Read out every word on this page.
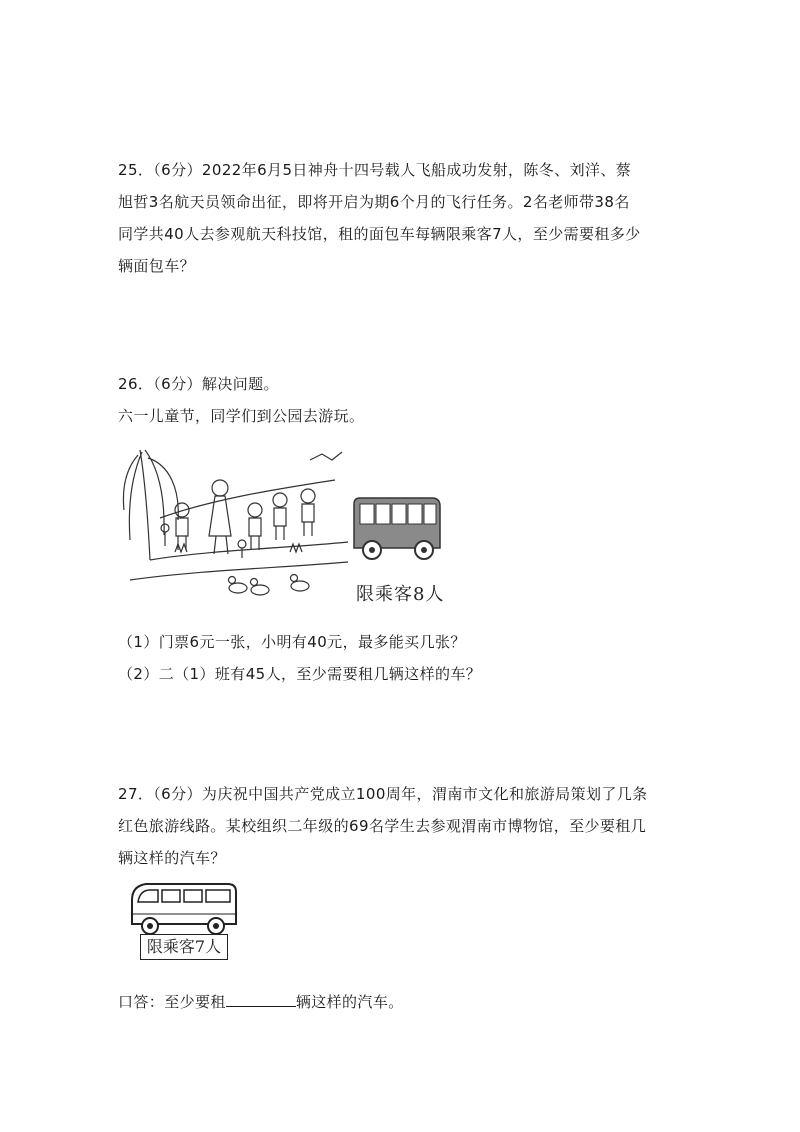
25．（6分）2022年6月5日神舟十四号载人飞船成功发射，陈冬、刘洋、蔡
旭哲3名航天员领命出征，即将开启为期6个月的飞行任务。2名老师带38名
同学共40人去参观航天科技馆，租的面包车每辆限乘客7人，至少需要租多少
辆面包车？
26．（6分）解决问题。
六一儿童节，同学们到公园去游玩。
限乘客8人
（1）门票6元一张，小明有40元，最多能买几张？
（2）二（1）班有45人，至少需要租几辆这样的车？
27．（6分）为庆祝中国共产党成立100周年，渭南市文化和旅游局策划了几条
红色旅游线路。某校组织二年级的69名学生去参观渭南市博物馆，至少要租几
辆这样的汽车？
限乘客7人
口答：至少要租	辆这样的汽车。
